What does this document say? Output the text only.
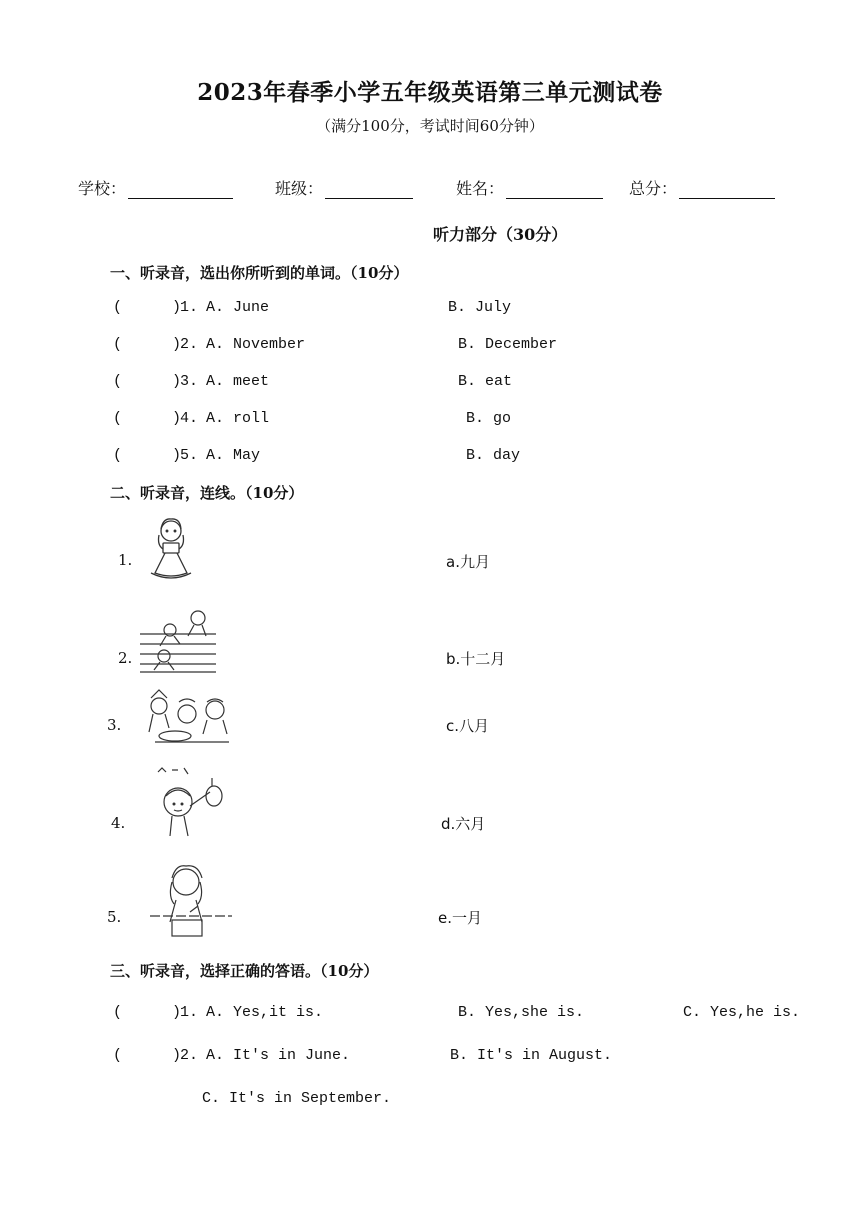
2023年春季小学五年级英语第三单元测试卷
（满分100分，考试时间60分钟）
学校：	班级：	姓名：	总分：
听力部分（30分）
一、听录音，选出你所听到的单词。（10分）
(	)
1. A. June	B. July
(	)
2. A. November	B. December
(	)
3. A. meet	B. eat
(	)
4. A. roll	B. go
(	)
5. A. May	B. day
二、听录音，连线。（10分）
1.	a.九月
2.	b.十二月
3.	c.八月
4.	d.六月
5.	e.一月
三、听录音，选择正确的答语。（10分）
(	)
1. A. Yes,it is.	B. Yes,she is.	C. Yes,he is.
(	)
2. A. It's in June.	B. It's in August.
C. It's in September.
